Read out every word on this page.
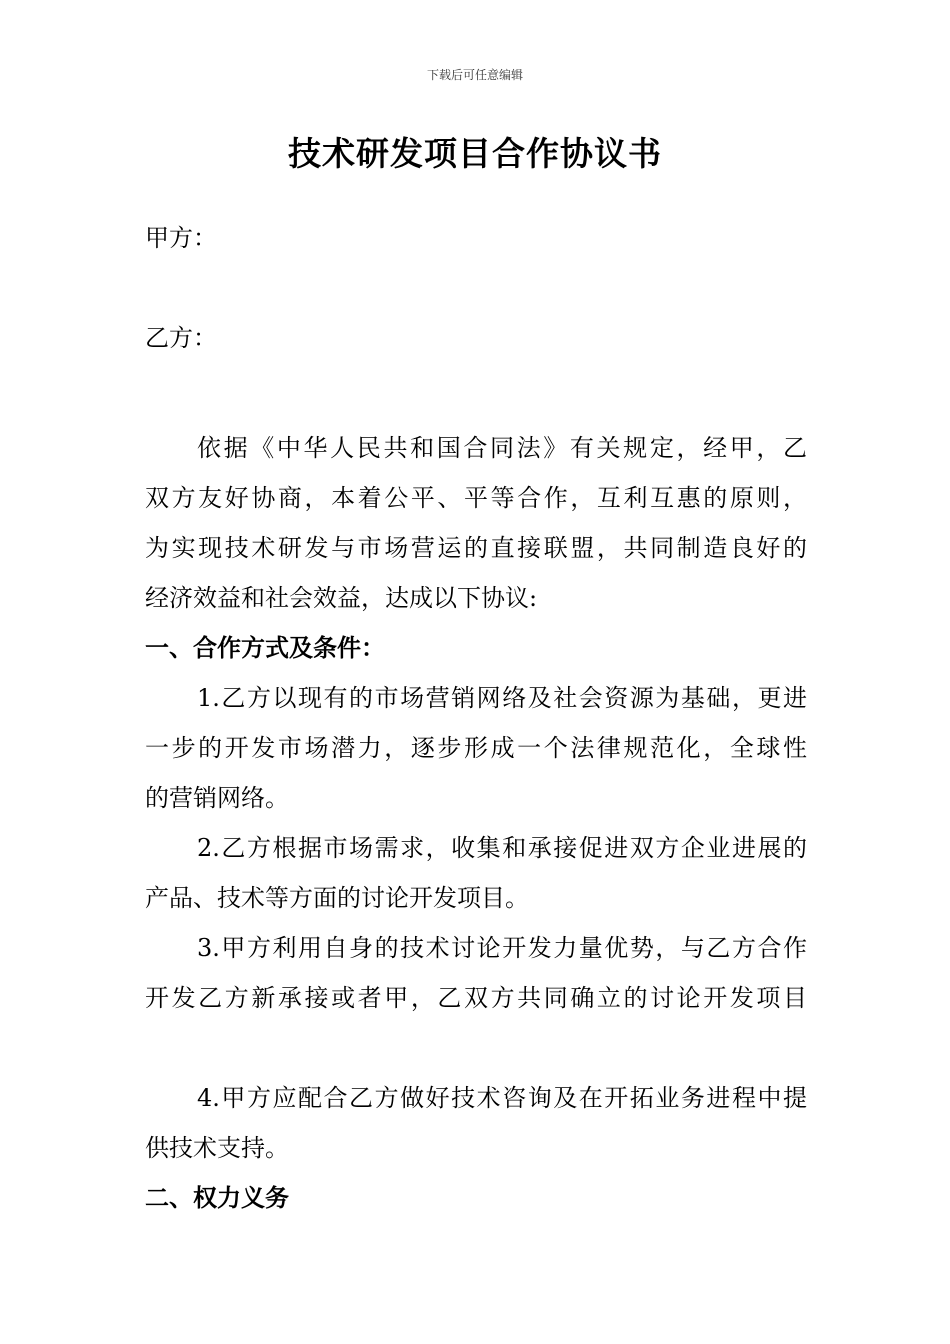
下载后可任意编辑
技术研发项目合作协议书
甲方：
乙方：
依据《中华人民共和国合同法》有关规定，经甲，乙
双方友好协商，本着公平、平等合作，互利互惠的原则，
为实现技术研发与市场营运的直接联盟，共同制造良好的
经济效益和社会效益，达成以下协议:
一、合作方式及条件：
1.乙方以现有的市场营销网络及社会资源为基础，更进
一步的开发市场潜力，逐步形成一个法律规范化，全球性
的营销网络。
2.乙方根据市场需求，收集和承接促进双方企业进展的
产品、技术等方面的讨论开发项目。
3.甲方利用自身的技术讨论开发力量优势，与乙方合作
开发乙方新承接或者甲，乙双方共同确立的讨论开发项目
4.甲方应配合乙方做好技术咨询及在开拓业务进程中提
供技术支持。
二、权力义务
